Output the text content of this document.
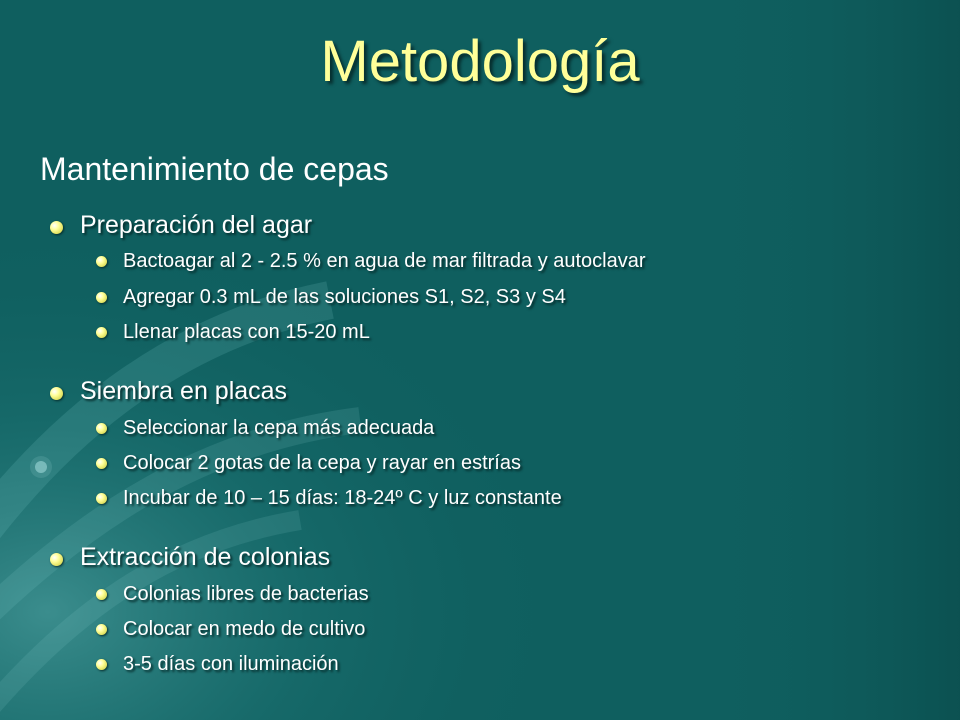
Metodología
Mantenimiento de cepas
Preparación del agar
Bactoagar al 2 - 2.5 % en agua de mar filtrada y autoclavar
Agregar 0.3 mL de las soluciones S1, S2, S3 y S4
Llenar placas con 15-20 mL
Siembra en placas
Seleccionar la cepa más adecuada
Colocar 2 gotas de la cepa y rayar en estrías
Incubar de 10 – 15 días: 18-24º C y luz constante
Extracción de colonias
Colonias libres de bacterias
Colocar en medo de cultivo
3-5 días con iluminación
